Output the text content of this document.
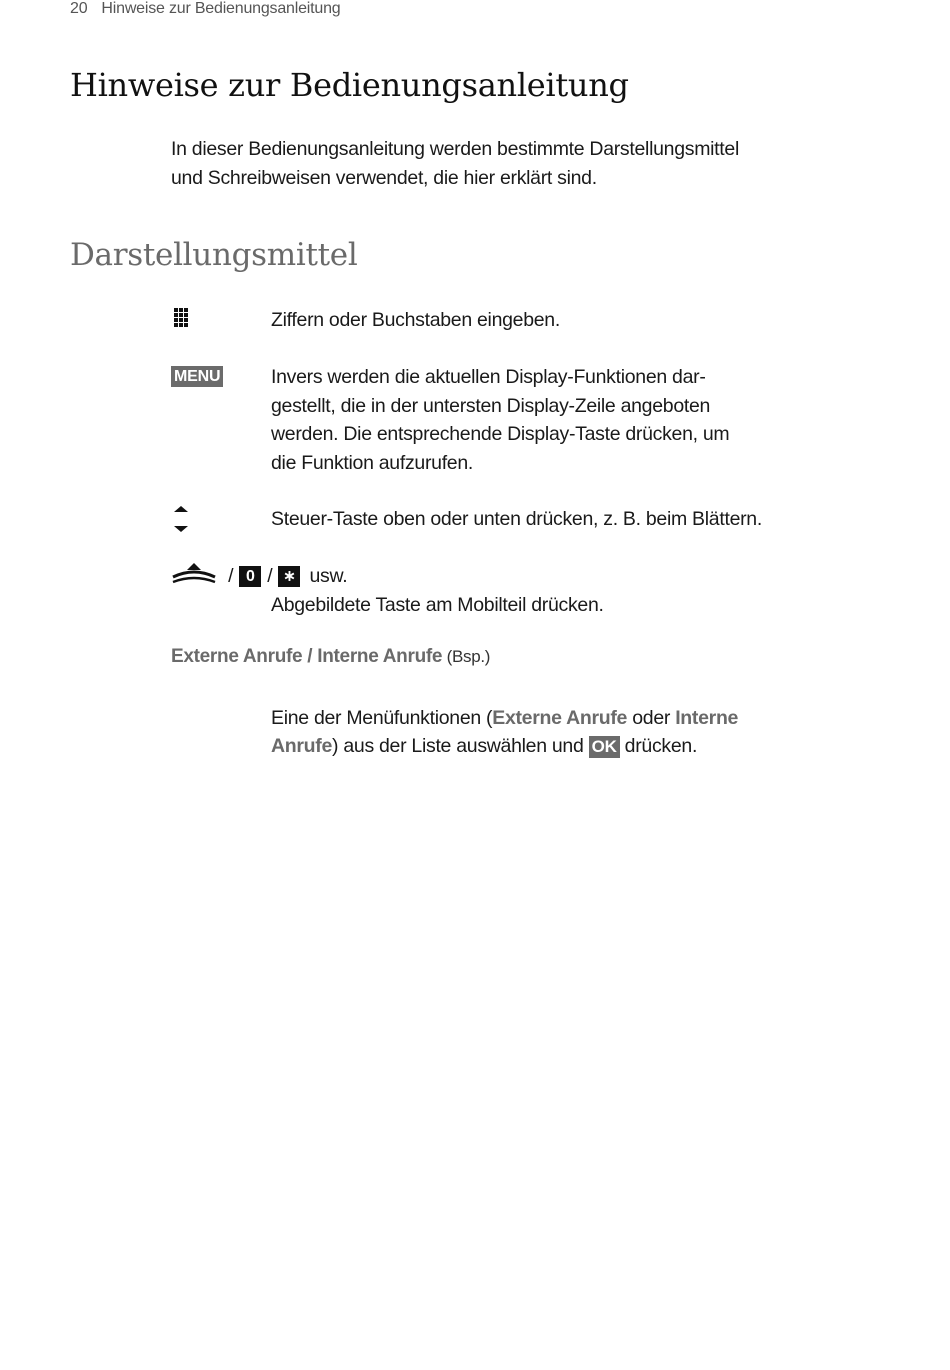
20 Hinweise zur Bedienungsanleitung
Hinweise zur Bedienungsanleitung

In dieser Bedienungsanleitung werden bestimmte Darstellungsmittel
und Schreibweisen verwendet, die hier erklärt sind.

Darstellungsmittel
Ziffern oder Buchstaben eingeben.
MENU	Invers werden die aktuellen Display-Funktionen dar-
gestellt, die in der untersten Display-Zeile angeboten
werden. Die entsprechende Display-Taste drücken, um
die Funktion aufzurufen.
Steuer-Taste oben oder unten drücken, z. B. beim Blättern.
/ 0 / ∗ usw.
Abgebildete Taste am Mobilteil drücken.
Externe Anrufe / Interne Anrufe (Bsp.)

Eine der Menüfunktionen (Externe Anrufe oder Interne
Anrufe) aus der Liste auswählen und OK drücken.
